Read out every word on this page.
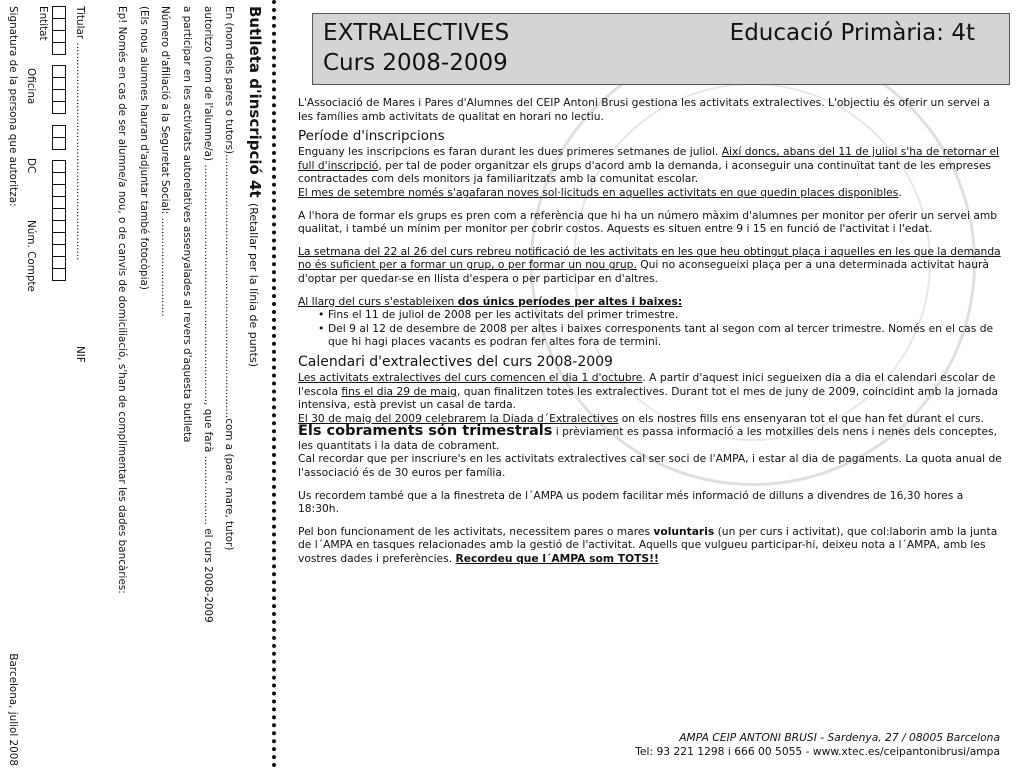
Butlleta d'inscripció 4t (Retallar per la línia de punts)
En (nom dels pares o tutors)................................................................................com a (pare, mare, tutor)
autoritzo (nom de l'alumne/a) ........................................................................, que farà ..................... el curs 2008-2009
a participar en les activitats autorelatives assenyalades al revers d'aquesta butlleta
Número d'afiliació a la Seguretat Social: ..............................
(Els nous alumnes hauran d'adjuntar també fotocòpia)
Ep! Només en cas de ser alumne/a nou, o de canvis de domiciliació, s'han de complimentar les dades bancàries:
Titular ..................................................................
NIF

Entitat
Oficina
DC
Núm. Compte
Signatura de la persona que autoritza:
Barcelona, juliol 2008
EXTRALECTIVES	Educació Primària: 4t
Curs 2008-2009

L'Associació de Mares i Pares d'Alumnes del CEIP Antoni Brusi gestiona les activitats extralectives. L'objectiu és oferir un servei a les famílies amb activitats de qualitat en horari no lectiu.

Període d'inscripcions

Enguany les inscripcions es faran durant les dues primeres setmanes de juliol. Així doncs, abans del 11 de juliol s'ha de retornar el full d'inscripció, per tal de poder organitzar els grups d'acord amb la demanda, i aconseguir una continuïtat tant de les empreses contractades com dels monitors ja familiaritzats amb la comunitat escolar.
El mes de setembre només s'agafaran noves sol·licituds en aquelles activitats en que quedin places disponibles.

A l'hora de formar els grups es pren com a referència que hi ha un número màxim d'alumnes per monitor per oferir un servei amb qualitat, i també un mínim per monitor per cobrir costos. Aquests es situen entre 9 i 15 en funció de l'activitat i l'edat.

La setmana del 22 al 26 del curs rebreu notificació de les activitats en les que heu obtingut plaça i aquelles en les que la demanda no és suficient per a formar un grup, o per formar un nou grup. Qui no aconsegueixi plaça per a una determinada activitat haurà d'optar per quedar-se en llista d'espera o per participar en d'altres.

Al llarg del curs s'estableixen dos únics períodes per altes i baixes:

• Fins el 11 de juliol de 2008 per les activitats del primer trimestre.
• Del 9 al 12 de desembre de 2008 per altes i baixes corresponents tant al segon com al tercer trimestre. Només en el cas de que hi hagi places vacants es podran fer altes fora de termini.
Calendari d'extralectives del curs 2008-2009

Les activitats extralectives del curs comencen el dia 1 d'octubre. A partir d'aquest inici segueixen dia a dia el calendari escolar de l'escola fins el dia 29 de maig, quan finalitzen totes les extralectives. Durant tot el mes de juny de 2009, coincidint amb la jornada intensiva, està previst un casal de tarda.
El 30 de maig del 2009 celebrarem la Diada d´Extralectives on els nostres fills ens ensenyaran tot el que han fet durant el curs.

Els cobraments són trimestrals i prèviament es passa informació a les motxilles dels nens i nenes dels conceptes, les quantitats i la data de cobrament.
Cal recordar que per inscriure's en les activitats extralectives cal ser soci de l'AMPA, i estar al dia de pagaments. La quota anual de l'associació és de 30 euros per família.

Us recordem també que a la finestreta de l´AMPA us podem facilitar més informació de dilluns a divendres de 16,30 hores a 18:30h.

Pel bon funcionament de les activitats, necessitem pares o mares voluntaris (un per curs i activitat), que col:laborin amb la junta de l´AMPA en tasques relacionades amb la gestió de l'activitat. Aquells que vulgueu participar-hi, deixeu nota a l´AMPA, amb les vostres dades i preferències. Recordeu que l´AMPA som TOTS!!

AMPA CEIP ANTONI BRUSI - Sardenya, 27 / 08005 Barcelona
Tel: 93 221 1298 i 666 00 5055 - www.xtec.es/ceipantonibrusi/ampa
